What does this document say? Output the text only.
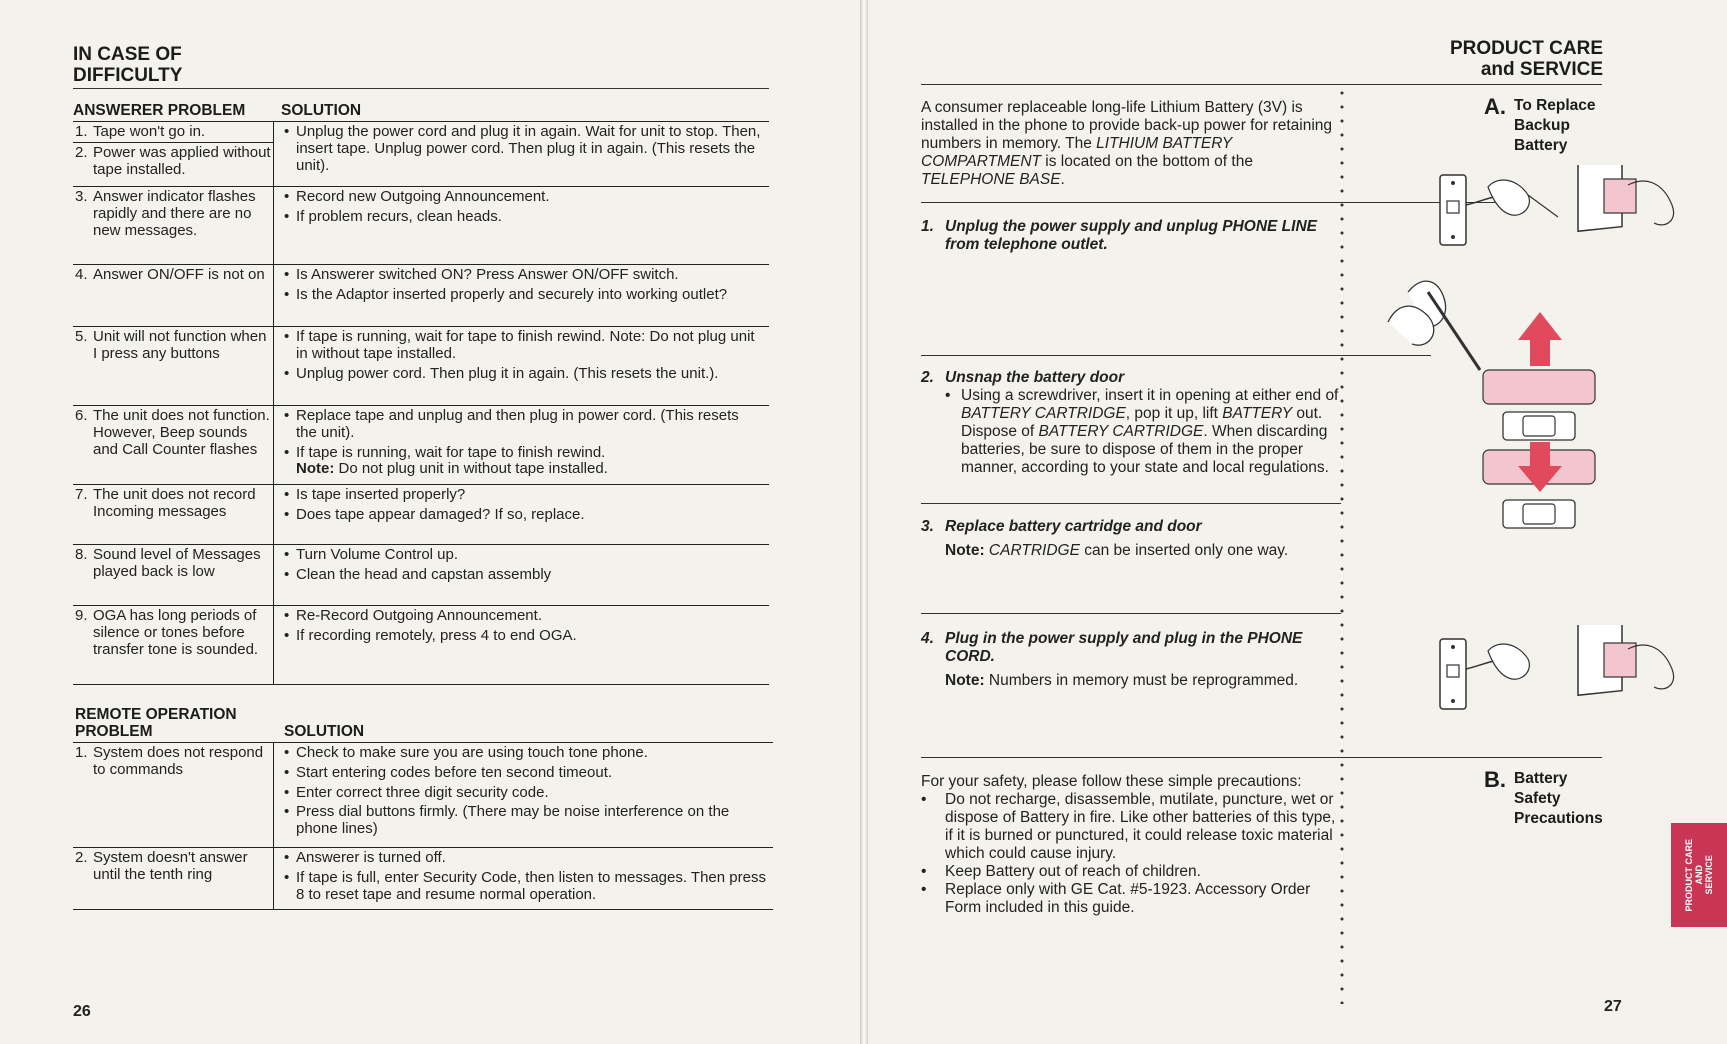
IN CASE OF
DIFFICULTY
ANSWERER PROBLEM SOLUTION
1. Tape won't go in.
2. Power was applied without tape installed.
• Unplug the power cord and plug it in again. Wait for unit to stop. Then, insert tape. Unplug power cord. Then plug it in again. (This resets the unit).
3. Answer indicator flashes rapidly and there are no new messages.
• Record new Outgoing Announcement.
• If problem recurs, clean heads.
4. Answer ON/OFF is not on	• Is Answerer switched ON? Press Answer ON/OFF switch.
• Is the Adaptor inserted properly and securely into working outlet?
5. Unit will not function when I press any buttons
• If tape is running, wait for tape to finish rewind. Note: Do not plug unit in without tape installed.
• Unplug power cord. Then plug it in again. (This resets the unit.).
6. The unit does not function. However, Beep sounds and Call Counter flashes
• Replace tape and unplug and then plug in power cord. (This resets the unit).
• If tape is running, wait for tape to finish rewind.
Note: Do not plug unit in without tape installed.
7. The unit does not record Incoming messages
• Is tape inserted properly?
• Does tape appear damaged? If so, replace.
8. Sound level of Messages played back is low
• Turn Volume Control up.
• Clean the head and capstan assembly
9. OGA has long periods of silence or tones before transfer tone is sounded.
• Re-Record Outgoing Announcement.
• If recording remotely, press 4 to end OGA.
REMOTE OPERATION
PROBLEM	SOLUTION
1. System does not respond to commands
• Check to make sure you are using touch tone phone.
• Start entering codes before ten second timeout.
• Enter correct three digit security code.
• Press dial buttons firmly. (There may be noise interference on the phone lines)
2. System doesn't answer until the tenth ring
• Answerer is turned off.
• If tape is full, enter Security Code, then listen to messages. Then press 8 to reset tape and resume normal operation.
26
PRODUCT CARE
and SERVICE
A consumer replaceable long-life Lithium Battery (3V) is installed in the phone to provide back-up power for retaining numbers in memory. The LITHIUM BATTERY COMPARTMENT is located on the bottom of the TELEPHONE BASE.
A. To Replace
Backup
Battery
1. Unplug the power supply and unplug PHONE LINE from telephone outlet.
2. Unsnap the battery door
• Using a screwdriver, insert it in opening at either end of BATTERY CARTRIDGE, pop it up, lift BATTERY out.
Dispose of BATTERY CARTRIDGE. When discarding batteries, be sure to dispose of them in the proper manner, according to your state and local regulations.
3. Replace battery cartridge and door
Note: CARTRIDGE can be inserted only one way.
4. Plug in the power supply and plug in the PHONE CORD.
Note: Numbers in memory must be reprogrammed.
For your safety, please follow these simple precautions:
•	Do not recharge, disassemble, mutilate, puncture, wet or dispose of Battery in fire. Like other batteries of this type, if it is burned or punctured, it could release toxic material which could cause injury.
•	Keep Battery out of reach of children.
•	Replace only with GE Cat. #5-1923. Accessory Order Form included in this guide.
B. Battery
Safety
Precautions
PRODUCT CARE AND SERVICE
27
